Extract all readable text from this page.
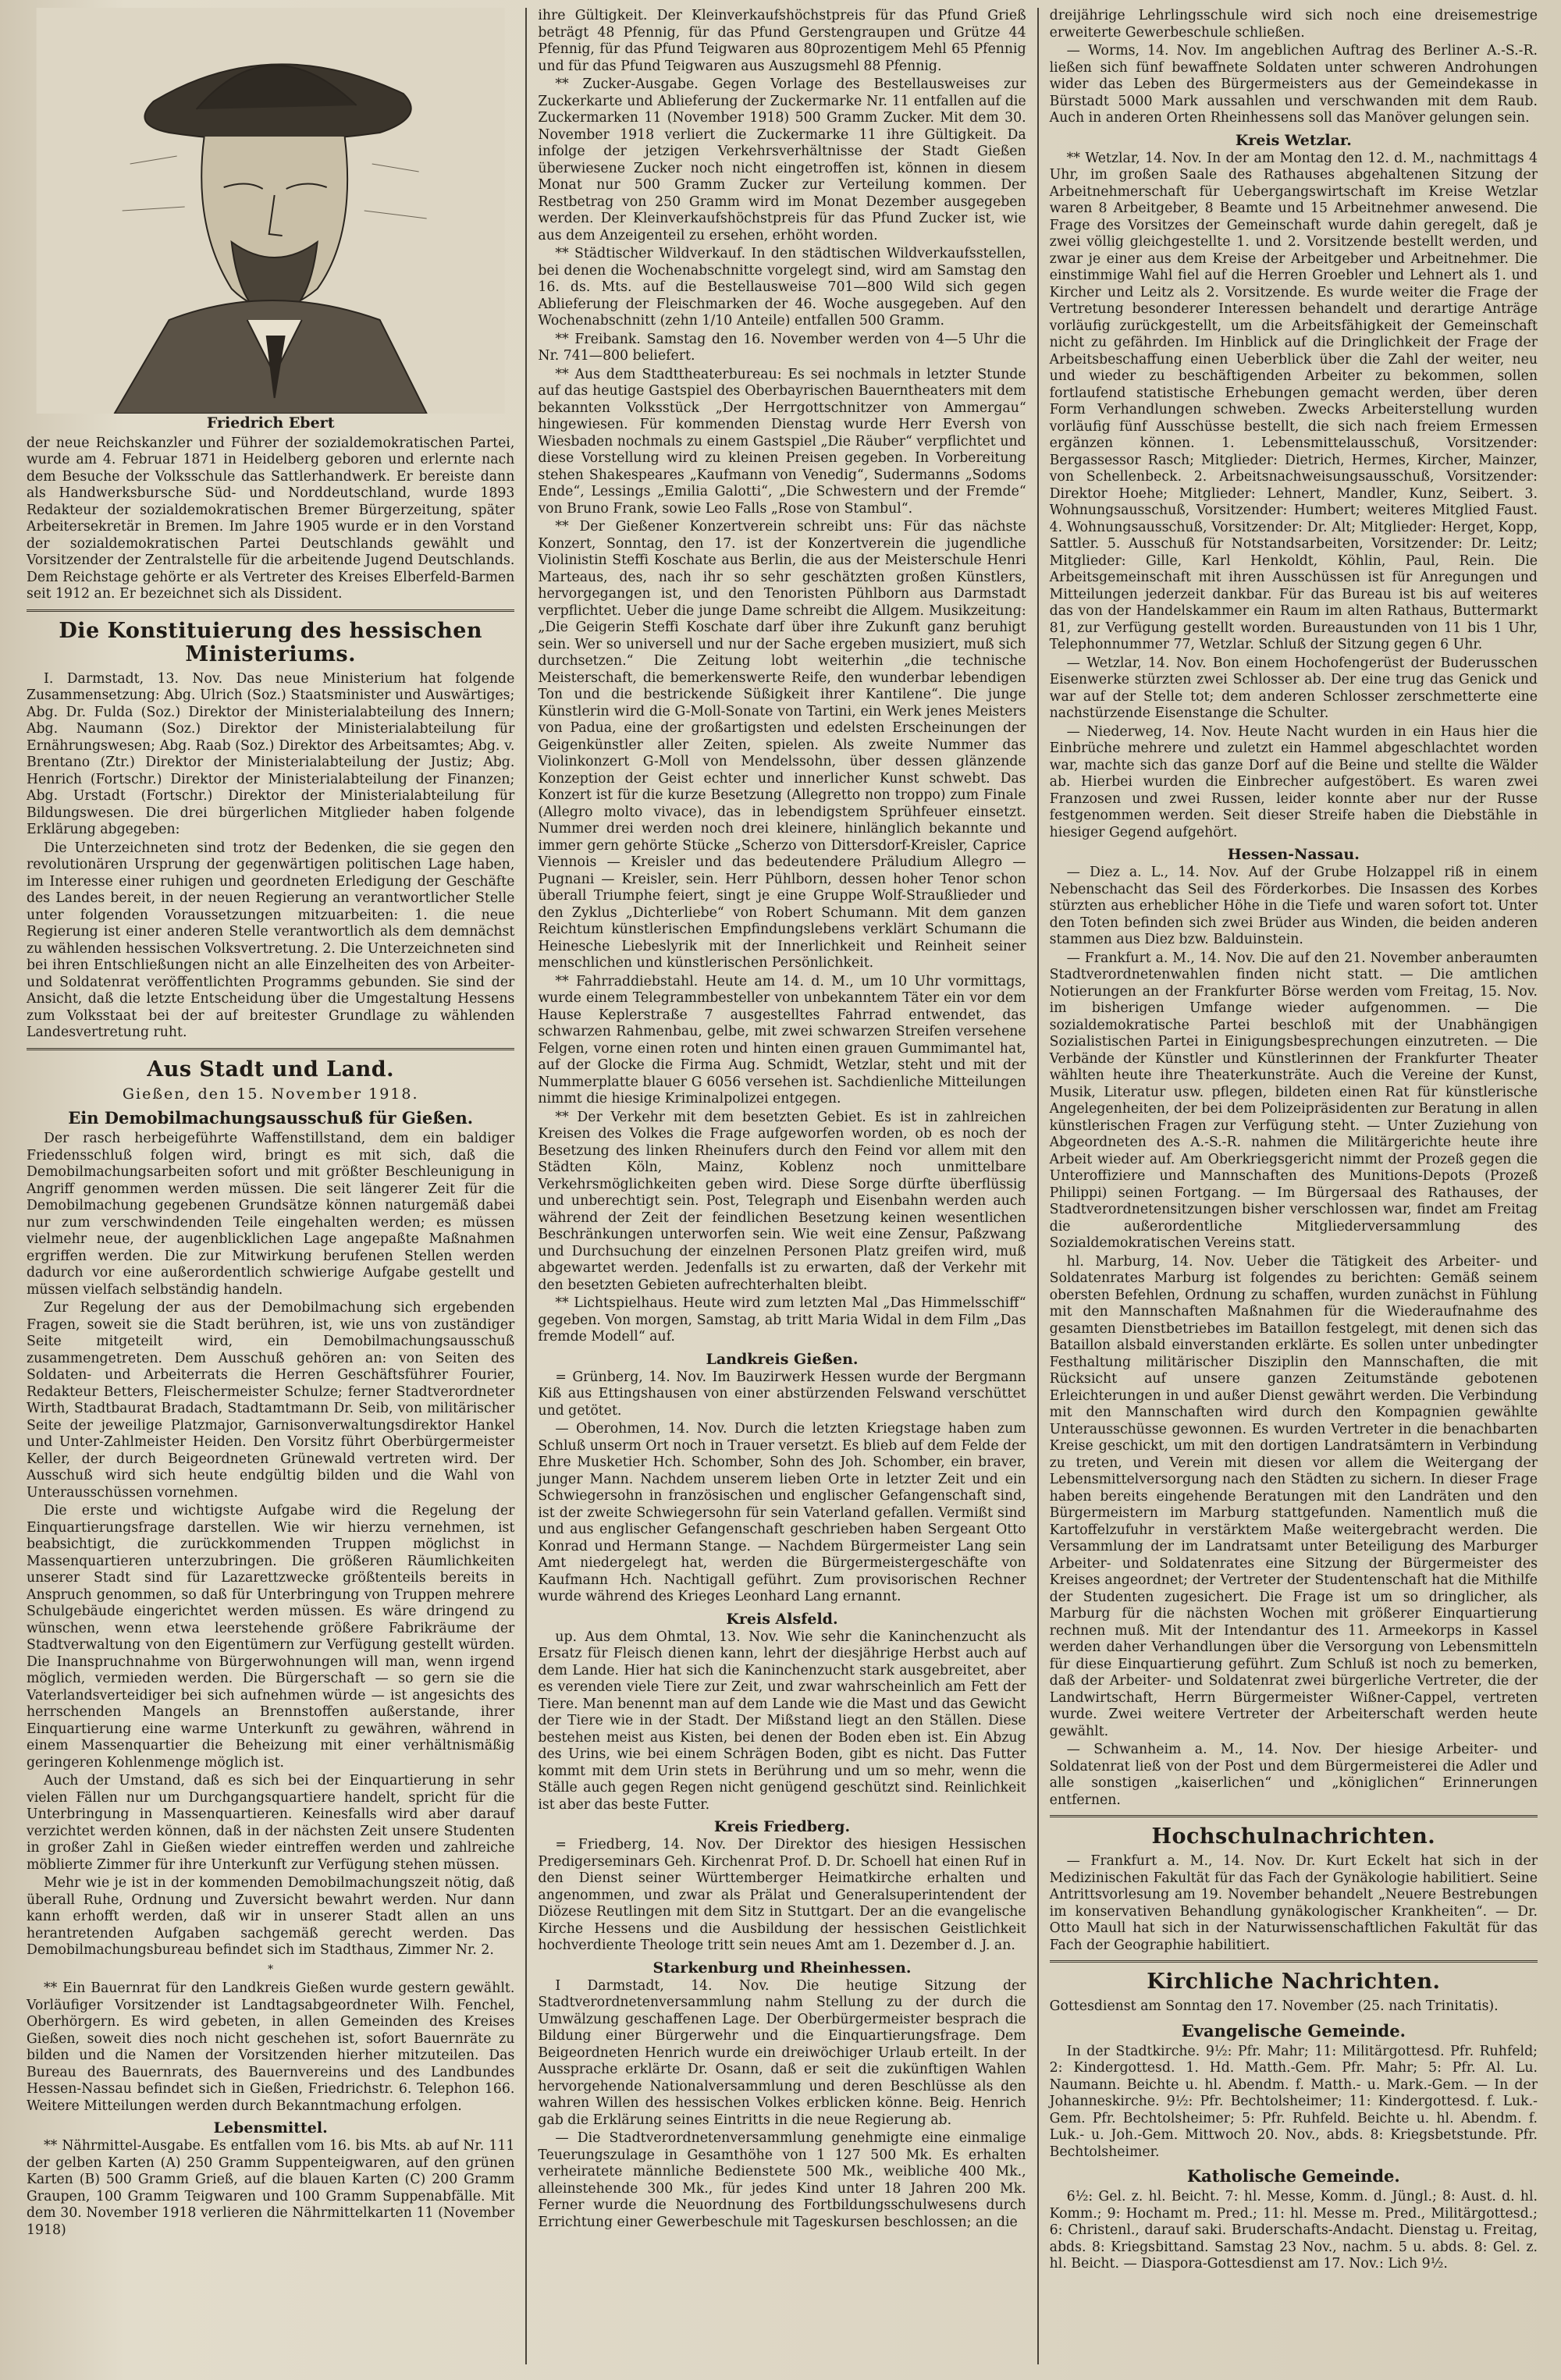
Friedrich Ebert

der neue Reichskanzler und Führer der sozialdemokratischen Partei, wurde am 4. Februar 1871 in Heidelberg geboren und erlernte nach dem Besuche der Volksschule das Sattlerhandwerk. Er bereiste dann als Handwerksbursche Süd- und Norddeutschland, wurde 1893 Redakteur der sozialdemokratischen Bremer Bürgerzeitung, später Arbeitersekretär in Bremen. Im Jahre 1905 wurde er in den Vorstand der sozialdemokratischen Partei Deutschlands gewählt und Vorsitzender der Zentralstelle für die arbeitende Jugend Deutschlands. Dem Reichstage gehörte er als Vertreter des Kreises Elberfeld-Barmen seit 1912 an. Er bezeichnet sich als Dissident.

Die Konstituierung des hessischen Ministeriums.

I. Darmstadt, 13. Nov. Das neue Ministerium hat folgende Zusammensetzung: Abg. Ulrich (Soz.) Staatsminister und Auswärtiges; Abg. Dr. Fulda (Soz.) Direktor der Ministerialabteilung des Innern; Abg. Naumann (Soz.) Direktor der Ministerialabteilung für Ernährungswesen; Abg. Raab (Soz.) Direktor des Arbeitsamtes; Abg. v. Brentano (Ztr.) Direktor der Ministerialabteilung der Justiz; Abg. Henrich (Fortschr.) Direktor der Ministerialabteilung der Finanzen; Abg. Urstadt (Fortschr.) Direktor der Ministerialabteilung für Bildungswesen. Die drei bürgerlichen Mitglieder haben folgende Erklärung abgegeben:

Die Unterzeichneten sind trotz der Bedenken, die sie gegen den revolutionären Ursprung der gegenwärtigen politischen Lage haben, im Interesse einer ruhigen und geordneten Erledigung der Geschäfte des Landes bereit, in der neuen Regierung an verantwortlicher Stelle unter folgenden Voraussetzungen mitzuarbeiten: 1. die neue Regierung ist einer anderen Stelle verantwortlich als dem demnächst zu wählenden hessischen Volksvertretung. 2. Die Unterzeichneten sind bei ihren Entschließungen nicht an alle Einzelheiten des von Arbeiter- und Soldatenrat veröffentlichten Programms gebunden. Sie sind der Ansicht, daß die letzte Entscheidung über die Umgestaltung Hessens zum Volksstaat bei der auf breitester Grundlage zu wählenden Landesvertretung ruht.

Aus Stadt und Land.
Gießen, den 15. November 1918.
Ein Demobilmachungsausschuß für Gießen.

Der rasch herbeigeführte Waffenstillstand, dem ein baldiger Friedensschluß folgen wird, bringt es mit sich, daß die Demobilmachungsarbeiten sofort und mit größter Beschleunigung in Angriff genommen werden müssen. Die seit längerer Zeit für die Demobilmachung gegebenen Grundsätze können naturgemäß dabei nur zum verschwindenden Teile eingehalten werden; es müssen vielmehr neue, der augenblicklichen Lage angepaßte Maßnahmen ergriffen werden. Die zur Mitwirkung berufenen Stellen werden dadurch vor eine außerordentlich schwierige Aufgabe gestellt und müssen vielfach selbständig handeln.

Zur Regelung der aus der Demobilmachung sich ergebenden Fragen, soweit sie die Stadt berühren, ist, wie uns von zuständiger Seite mitgeteilt wird, ein Demobilmachungsausschuß zusammengetreten. Dem Ausschuß gehören an: von Seiten des Soldaten- und Arbeiterrats die Herren Geschäftsführer Fourier, Redakteur Betters, Fleischermeister Schulze; ferner Stadtverordneter Wirth, Stadtbaurat Bradach, Stadtamtmann Dr. Seib, von militärischer Seite der jeweilige Platzmajor, Garnisonverwaltungsdirektor Hankel und Unter-Zahlmeister Heiden. Den Vorsitz führt Oberbürgermeister Keller, der durch Beigeordneten Grünewald vertreten wird. Der Ausschuß wird sich heute endgültig bilden und die Wahl von Unterausschüssen vornehmen.

Die erste und wichtigste Aufgabe wird die Regelung der Einquartierungsfrage darstellen. Wie wir hierzu vernehmen, ist beabsichtigt, die zurückkommenden Truppen möglichst in Massenquartieren unterzubringen. Die größeren Räumlichkeiten unserer Stadt sind für Lazarettzwecke größtenteils bereits in Anspruch genommen, so daß für Unterbringung von Truppen mehrere Schulgebäude eingerichtet werden müssen. Es wäre dringend zu wünschen, wenn etwa leerstehende größere Fabrikräume der Stadtverwaltung von den Eigentümern zur Verfügung gestellt würden. Die Inanspruchnahme von Bürgerwohnungen will man, wenn irgend möglich, vermieden werden. Die Bürgerschaft — so gern sie die Vaterlandsverteidiger bei sich aufnehmen würde — ist angesichts des herrschenden Mangels an Brennstoffen außerstande, ihrer Einquartierung eine warme Unterkunft zu gewähren, während in einem Massenquartier die Beheizung mit einer verhältnismäßig geringeren Kohlenmenge möglich ist.

Auch der Umstand, daß es sich bei der Einquartierung in sehr vielen Fällen nur um Durchgangsquartiere handelt, spricht für die Unterbringung in Massenquartieren. Keinesfalls wird aber darauf verzichtet werden können, daß in der nächsten Zeit unsere Studenten in großer Zahl in Gießen wieder eintreffen werden und zahlreiche möblierte Zimmer für ihre Unterkunft zur Verfügung stehen müssen.

Mehr wie je ist in der kommenden Demobilmachungszeit nötig, daß überall Ruhe, Ordnung und Zuversicht bewahrt werden. Nur dann kann erhofft werden, daß wir in unserer Stadt allen an uns herantretenden Aufgaben sachgemäß gerecht werden. Das Demobilmachungsbureau befindet sich im Stadthaus, Zimmer Nr. 2.

*

** Ein Bauernrat für den Landkreis Gießen wurde gestern gewählt. Vorläufiger Vorsitzender ist Landtagsabgeordneter Wilh. Fenchel, Oberhörgern. Es wird gebeten, in allen Gemeinden des Kreises Gießen, soweit dies noch nicht geschehen ist, sofort Bauernräte zu bilden und die Namen der Vorsitzenden hierher mitzuteilen. Das Bureau des Bauernrats, des Bauernvereins und des Landbundes Hessen-Nassau befindet sich in Gießen, Friedrichstr. 6. Telephon 166. Weitere Mitteilungen werden durch Bekanntmachung erfolgen.

Lebensmittel.

** Nährmittel-Ausgabe. Es entfallen vom 16. bis Mts. ab auf Nr. 111 der gelben Karten (A) 250 Gramm Suppenteigwaren, auf den grünen Karten (B) 500 Gramm Grieß, auf die blauen Karten (C) 200 Gramm Graupen, 100 Gramm Teigwaren und 100 Gramm Suppenabfälle. Mit dem 30. November 1918 verlieren die Nährmittelkarten 11 (November 1918)

ihre Gültigkeit. Der Kleinverkaufshöchstpreis für das Pfund Grieß beträgt 48 Pfennig, für das Pfund Gerstengraupen und Grütze 44 Pfennig, für das Pfund Teigwaren aus 80prozentigem Mehl 65 Pfennig und für das Pfund Teigwaren aus Auszugsmehl 88 Pfennig.

** Zucker-Ausgabe. Gegen Vorlage des Bestellausweises zur Zuckerkarte und Ablieferung der Zuckermarke Nr. 11 entfallen auf die Zuckermarken 11 (November 1918) 500 Gramm Zucker. Mit dem 30. November 1918 verliert die Zuckermarke 11 ihre Gültigkeit. Da infolge der jetzigen Verkehrsverhältnisse der Stadt Gießen überwiesene Zucker noch nicht eingetroffen ist, können in diesem Monat nur 500 Gramm Zucker zur Verteilung kommen. Der Restbetrag von 250 Gramm wird im Monat Dezember ausgegeben werden. Der Kleinverkaufshöchstpreis für das Pfund Zucker ist, wie aus dem Anzeigenteil zu ersehen, erhöht worden.

** Städtischer Wildverkauf. In den städtischen Wildverkaufsstellen, bei denen die Wochenabschnitte vorgelegt sind, wird am Samstag den 16. ds. Mts. auf die Bestellausweise 701—800 Wild sich gegen Ablieferung der Fleischmarken der 46. Woche ausgegeben. Auf den Wochenabschnitt (zehn 1/10 Anteile) entfallen 500 Gramm.

** Freibank. Samstag den 16. November werden von 4—5 Uhr die Nr. 741—800 beliefert.

** Aus dem Stadttheaterbureau: Es sei nochmals in letzter Stunde auf das heutige Gastspiel des Oberbayrischen Bauerntheaters mit dem bekannten Volksstück „Der Herrgottschnitzer von Ammergau“ hingewiesen. Für kommenden Dienstag wurde Herr Eversh von Wiesbaden nochmals zu einem Gastspiel „Die Räuber“ verpflichtet und diese Vorstellung wird zu kleinen Preisen gegeben. In Vorbereitung stehen Shakespeares „Kaufmann von Venedig“, Sudermanns „Sodoms Ende“, Lessings „Emilia Galotti“, „Die Schwestern und der Fremde“ von Bruno Frank, sowie Leo Falls „Rose von Stambul“.

** Der Gießener Konzertverein schreibt uns: Für das nächste Konzert, Sonntag, den 17. ist der Konzertverein die jugendliche Violinistin Steffi Koschate aus Berlin, die aus der Meisterschule Henri Marteaus, des, nach ihr so sehr geschätzten großen Künstlers, hervorgegangen ist, und den Tenoristen Pühlborn aus Darmstadt verpflichtet. Ueber die junge Dame schreibt die Allgem. Musikzeitung: „Die Geigerin Steffi Koschate darf über ihre Zukunft ganz beruhigt sein. Wer so universell und nur der Sache ergeben musiziert, muß sich durchsetzen.“ Die Zeitung lobt weiterhin „die technische Meisterschaft, die bemerkenswerte Reife, den wunderbar lebendigen Ton und die bestrickende Süßigkeit ihrer Kantilene“. Die junge Künstlerin wird die G-Moll-Sonate von Tartini, ein Werk jenes Meisters von Padua, eine der großartigsten und edelsten Erscheinungen der Geigenkünstler aller Zeiten, spielen. Als zweite Nummer das Violinkonzert G-Moll von Mendelssohn, über dessen glänzende Konzeption der Geist echter und innerlicher Kunst schwebt. Das Konzert ist für die kurze Besetzung (Allegretto non troppo) zum Finale (Allegro molto vivace), das in lebendigstem Sprühfeuer einsetzt. Nummer drei werden noch drei kleinere, hinlänglich bekannte und immer gern gehörte Stücke „Scherzo von Dittersdorf-Kreisler, Caprice Viennois — Kreisler und das bedeutendere Präludium Allegro — Pugnani — Kreisler, sein. Herr Pühlborn, dessen hoher Tenor schon überall Triumphe feiert, singt je eine Gruppe Wolf-Straußlieder und den Zyklus „Dichterliebe“ von Robert Schumann. Mit dem ganzen Reichtum künstlerischen Empfindungslebens verklärt Schumann die Heinesche Liebeslyrik mit der Innerlichkeit und Reinheit seiner menschlichen und künstlerischen Persönlichkeit.

** Fahrraddiebstahl. Heute am 14. d. M., um 10 Uhr vormittags, wurde einem Telegrammbesteller von unbekanntem Täter ein vor dem Hause Keplerstraße 7 ausgestelltes Fahrrad entwendet, das schwarzen Rahmenbau, gelbe, mit zwei schwarzen Streifen versehene Felgen, vorne einen roten und hinten einen grauen Gummimantel hat, auf der Glocke die Firma Aug. Schmidt, Wetzlar, steht und mit der Nummerplatte blauer G 6056 versehen ist. Sachdienliche Mitteilungen nimmt die hiesige Kriminalpolizei entgegen.

** Der Verkehr mit dem besetzten Gebiet. Es ist in zahlreichen Kreisen des Volkes die Frage aufgeworfen worden, ob es noch der Besetzung des linken Rheinufers durch den Feind vor allem mit den Städten Köln, Mainz, Koblenz noch unmittelbare Verkehrsmöglichkeiten geben wird. Diese Sorge dürfte überflüssig und unberechtigt sein. Post, Telegraph und Eisenbahn werden auch während der Zeit der feindlichen Besetzung keinen wesentlichen Beschränkungen unterworfen sein. Wie weit eine Zensur, Paßzwang und Durchsuchung der einzelnen Personen Platz greifen wird, muß abgewartet werden. Jedenfalls ist zu erwarten, daß der Verkehr mit den besetzten Gebieten aufrechterhalten bleibt.

** Lichtspielhaus. Heute wird zum letzten Mal „Das Himmelsschiff“ gegeben. Von morgen, Samstag, ab tritt Maria Widal in dem Film „Das fremde Modell“ auf.

Landkreis Gießen.

= Grünberg, 14. Nov. Im Bauzirwerk Hessen wurde der Bergmann Kiß aus Ettingshausen von einer abstürzenden Felswand verschüttet und getötet.

— Oberohmen, 14. Nov. Durch die letzten Kriegstage haben zum Schluß unserm Ort noch in Trauer versetzt. Es blieb auf dem Felde der Ehre Musketier Hch. Schomber, Sohn des Joh. Schomber, ein braver, junger Mann. Nachdem unserem lieben Orte in letzter Zeit und ein Schwiegersohn in französischen und englischer Gefangenschaft sind, ist der zweite Schwiegersohn für sein Vaterland gefallen. Vermißt sind und aus englischer Gefangenschaft geschrieben haben Sergeant Otto Konrad und Hermann Stange. — Nachdem Bürgermeister Lang sein Amt niedergelegt hat, werden die Bürgermeistergeschäfte von Kaufmann Hch. Nachtigall geführt. Zum provisorischen Rechner wurde während des Krieges Leonhard Lang ernannt.

Kreis Alsfeld.

up. Aus dem Ohmtal, 13. Nov. Wie sehr die Kaninchenzucht als Ersatz für Fleisch dienen kann, lehrt der diesjährige Herbst auch auf dem Lande. Hier hat sich die Kaninchenzucht stark ausgebreitet, aber es verenden viele Tiere zur Zeit, und zwar wahrscheinlich am Fett der Tiere. Man benennt man auf dem Lande wie die Mast und das Gewicht der Tiere wie in der Stadt. Der Mißstand liegt an den Ställen. Diese bestehen meist aus Kisten, bei denen der Boden eben ist. Ein Abzug des Urins, wie bei einem Schrägen Boden, gibt es nicht. Das Futter kommt mit dem Urin stets in Berührung und um so mehr, wenn die Ställe auch gegen Regen nicht genügend geschützt sind. Reinlichkeit ist aber das beste Futter.

Kreis Friedberg.

= Friedberg, 14. Nov. Der Direktor des hiesigen Hessischen Predigerseminars Geh. Kirchenrat Prof. D. Dr. Schoell hat einen Ruf in den Dienst seiner Württemberger Heimatkirche erhalten und angenommen, und zwar als Prälat und Generalsuperintendent der Diözese Reutlingen mit dem Sitz in Stuttgart. Der an die evangelische Kirche Hessens und die Ausbildung der hessischen Geistlichkeit hochverdiente Theologe tritt sein neues Amt am 1. Dezember d. J. an.

Starkenburg und Rheinhessen.

I Darmstadt, 14. Nov. Die heutige Sitzung der Stadtverordnetenversammlung nahm Stellung zu der durch die Umwälzung geschaffenen Lage. Der Oberbürgermeister besprach die Bildung einer Bürgerwehr und die Einquartierungsfrage. Dem Beigeordneten Henrich wurde ein dreiwöchiger Urlaub erteilt. In der Aussprache erklärte Dr. Osann, daß er seit die zukünftigen Wahlen hervorgehende Nationalversammlung und deren Beschlüsse als den wahren Willen des hessischen Volkes erblicken könne. Beig. Henrich gab die Erklärung seines Eintritts in die neue Regierung ab.

— Die Stadtverordnetenversammlung genehmigte eine einmalige Teuerungszulage in Gesamthöhe von 1 127 500 Mk. Es erhalten verheiratete männliche Bedienstete 500 Mk., weibliche 400 Mk., alleinstehende 300 Mk., für jedes Kind unter 18 Jahren 200 Mk. Ferner wurde die Neuordnung des Fortbildungsschulwesens durch Errichtung einer Gewerbeschule mit Tageskursen beschlossen; an die

dreijährige Lehrlingsschule wird sich noch eine dreisemestrige erweiterte Gewerbeschule schließen.

— Worms, 14. Nov. Im angeblichen Auftrag des Berliner A.-S.-R. ließen sich fünf bewaffnete Soldaten unter schweren Androhungen wider das Leben des Bürgermeisters aus der Gemeindekasse in Bürstadt 5000 Mark aussahlen und verschwanden mit dem Raub. Auch in anderen Orten Rheinhessens soll das Manöver gelungen sein.

Kreis Wetzlar.

** Wetzlar, 14. Nov. In der am Montag den 12. d. M., nachmittags 4 Uhr, im großen Saale des Rathauses abgehaltenen Sitzung der Arbeitnehmerschaft für Uebergangswirtschaft im Kreise Wetzlar waren 8 Arbeitgeber, 8 Beamte und 15 Arbeitnehmer anwesend. Die Frage des Vorsitzes der Gemeinschaft wurde dahin geregelt, daß je zwei völlig gleichgestellte 1. und 2. Vorsitzende bestellt werden, und zwar je einer aus dem Kreise der Arbeitgeber und Arbeitnehmer. Die einstimmige Wahl fiel auf die Herren Groebler und Lehnert als 1. und Kircher und Leitz als 2. Vorsitzende. Es wurde weiter die Frage der Vertretung besonderer Interessen behandelt und derartige Anträge vorläufig zurückgestellt, um die Arbeitsfähigkeit der Gemeinschaft nicht zu gefährden. Im Hinblick auf die Dringlichkeit der Frage der Arbeitsbeschaffung einen Ueberblick über die Zahl der weiter, neu und wieder zu beschäftigenden Arbeiter zu bekommen, sollen fortlaufend statistische Erhebungen gemacht werden, über deren Form Verhandlungen schweben. Zwecks Arbeiterstellung wurden vorläufig fünf Ausschüsse bestellt, die sich nach freiem Ermessen ergänzen können. 1. Lebensmittelausschuß, Vorsitzender: Bergassessor Rasch; Mitglieder: Dietrich, Hermes, Kircher, Mainzer, von Schellenbeck. 2. Arbeitsnachweisungsausschuß, Vorsitzender: Direktor Hoehe; Mitglieder: Lehnert, Mandler, Kunz, Seibert. 3. Wohnungsausschuß, Vorsitzender: Humbert; weiteres Mitglied Faust. 4. Wohnungsausschuß, Vorsitzender: Dr. Alt; Mitglieder: Herget, Kopp, Sattler. 5. Ausschuß für Notstandsarbeiten, Vorsitzender: Dr. Leitz; Mitglieder: Gille, Karl Henkoldt, Köhlin, Paul, Rein. Die Arbeitsgemeinschaft mit ihren Ausschüssen ist für Anregungen und Mitteilungen jederzeit dankbar. Für das Bureau ist bis auf weiteres das von der Handelskammer ein Raum im alten Rathaus, Buttermarkt 81, zur Verfügung gestellt worden. Bureaustunden von 11 bis 1 Uhr, Telephonnummer 77, Wetzlar. Schluß der Sitzung gegen 6 Uhr.

— Wetzlar, 14. Nov. Bon einem Hochofengerüst der Buderusschen Eisenwerke stürzten zwei Schlosser ab. Der eine trug das Genick und war auf der Stelle tot; dem anderen Schlosser zerschmetterte eine nachstürzende Eisenstange die Schulter.

— Niederweg, 14. Nov. Heute Nacht wurden in ein Haus hier die Einbrüche mehrere und zuletzt ein Hammel abgeschlachtet worden war, machte sich das ganze Dorf auf die Beine und stellte die Wälder ab. Hierbei wurden die Einbrecher aufgestöbert. Es waren zwei Franzosen und zwei Russen, leider konnte aber nur der Russe festgenommen werden. Seit dieser Streife haben die Diebstähle in hiesiger Gegend aufgehört.

Hessen-Nassau.

— Diez a. L., 14. Nov. Auf der Grube Holzappel riß in einem Nebenschacht das Seil des Förderkorbes. Die Insassen des Korbes stürzten aus erheblicher Höhe in die Tiefe und waren sofort tot. Unter den Toten befinden sich zwei Brüder aus Winden, die beiden anderen stammen aus Diez bzw. Balduinstein.

— Frankfurt a. M., 14. Nov. Die auf den 21. November anberaumten Stadtverordnetenwahlen finden nicht statt. — Die amtlichen Notierungen an der Frankfurter Börse werden vom Freitag, 15. Nov. im bisherigen Umfange wieder aufgenommen. — Die sozialdemokratische Partei beschloß mit der Unabhängigen Sozialistischen Partei in Einigungsbesprechungen einzutreten. — Die Verbände der Künstler und Künstlerinnen der Frankfurter Theater wählten heute ihre Theaterkunsträte. Auch die Vereine der Kunst, Musik, Literatur usw. pflegen, bildeten einen Rat für künstlerische Angelegenheiten, der bei dem Polizeipräsidenten zur Beratung in allen künstlerischen Fragen zur Verfügung steht. — Unter Zuziehung von Abgeordneten des A.-S.-R. nahmen die Militärgerichte heute ihre Arbeit wieder auf. Am Oberkriegsgericht nimmt der Prozeß gegen die Unteroffiziere und Mannschaften des Munitions-Depots (Prozeß Philippi) seinen Fortgang. — Im Bürgersaal des Rathauses, der Stadtverordnetensitzungen bisher verschlossen war, findet am Freitag die außerordentliche Mitgliederversammlung des Sozialdemokratischen Vereins statt.

hl. Marburg, 14. Nov. Ueber die Tätigkeit des Arbeiter- und Soldatenrates Marburg ist folgendes zu berichten: Gemäß seinem obersten Befehlen, Ordnung zu schaffen, wurden zunächst in Fühlung mit den Mannschaften Maßnahmen für die Wiederaufnahme des gesamten Dienstbetriebes im Bataillon festgelegt, mit denen sich das Bataillon alsbald einverstanden erklärte. Es sollen unter unbedingter Festhaltung militärischer Disziplin den Mannschaften, die mit Rücksicht auf unsere ganzen Zeitumstände gebotenen Erleichterungen in und außer Dienst gewährt werden. Die Verbindung mit den Mannschaften wird durch den Kompagnien gewählte Unterausschüsse gewonnen. Es wurden Vertreter in die benachbarten Kreise geschickt, um mit den dortigen Landratsämtern in Verbindung zu treten, und Verein mit diesen vor allem die Weitergang der Lebensmittelversorgung nach den Städten zu sichern. In dieser Frage haben bereits eingehende Beratungen mit den Landräten und den Bürgermeistern im Marburg stattgefunden. Namentlich muß die Kartoffelzufuhr in verstärktem Maße weitergebracht werden. Die Versammlung der im Landratsamt unter Beteiligung des Marburger Arbeiter- und Soldatenrates eine Sitzung der Bürgermeister des Kreises angeordnet; der Vertreter der Studentenschaft hat die Mithilfe der Studenten zugesichert. Die Frage ist um so dringlicher, als Marburg für die nächsten Wochen mit größerer Einquartierung rechnen muß. Mit der Intendantur des 11. Armeekorps in Kassel werden daher Verhandlungen über die Versorgung von Lebensmitteln für diese Einquartierung geführt. Zum Schluß ist noch zu bemerken, daß der Arbeiter- und Soldatenrat zwei bürgerliche Vertreter, die der Landwirtschaft, Herrn Bürgermeister Wißner-Cappel, vertreten wurde. Zwei weitere Vertreter der Arbeiterschaft werden heute gewählt.

— Schwanheim a. M., 14. Nov. Der hiesige Arbeiter- und Soldatenrat ließ von der Post und dem Bürgermeisterei die Adler und alle sonstigen „kaiserlichen“ und „königlichen“ Erinnerungen entfernen.

Hochschulnachrichten.

— Frankfurt a. M., 14. Nov. Dr. Kurt Eckelt hat sich in der Medizinischen Fakultät für das Fach der Gynäkologie habilitiert. Seine Antrittsvorlesung am 19. November behandelt „Neuere Bestrebungen im konservativen Behandlung gynäkologischer Krankheiten“. — Dr. Otto Maull hat sich in der Naturwissenschaftlichen Fakultät für das Fach der Geographie habilitiert.

Kirchliche Nachrichten.

Gottesdienst am Sonntag den 17. November (25. nach Trinitatis).

Evangelische Gemeinde.

In der Stadtkirche. 9½: Pfr. Mahr; 11: Militärgottesd. Pfr. Ruhfeld; 2: Kindergottesd. 1. Hd. Matth.-Gem. Pfr. Mahr; 5: Pfr. Al. Lu. Naumann. Beichte u. hl. Abendm. f. Matth.- u. Mark.-Gem. — In der Johanneskirche. 9½: Pfr. Bechtolsheimer; 11: Kindergottesd. f. Luk.-Gem. Pfr. Bechtolsheimer; 5: Pfr. Ruhfeld. Beichte u. hl. Abendm. f. Luk.- u. Joh.-Gem. Mittwoch 20. Nov., abds. 8: Kriegsbetstunde. Pfr. Bechtolsheimer.

Katholische Gemeinde.

6½: Gel. z. hl. Beicht. 7: hl. Messe, Komm. d. Jüngl.; 8: Aust. d. hl. Komm.; 9: Hochamt m. Pred.; 11: hl. Messe m. Pred., Militärgottesd.; 6: Christenl., darauf saki. Bruderschafts-Andacht. Dienstag u. Freitag, abds. 8: Kriegsbittand. Samstag 23 Nov., nachm. 5 u. abds. 8: Gel. z. hl. Beicht. — Diaspora-Gottesdienst am 17. Nov.: Lich 9½.
